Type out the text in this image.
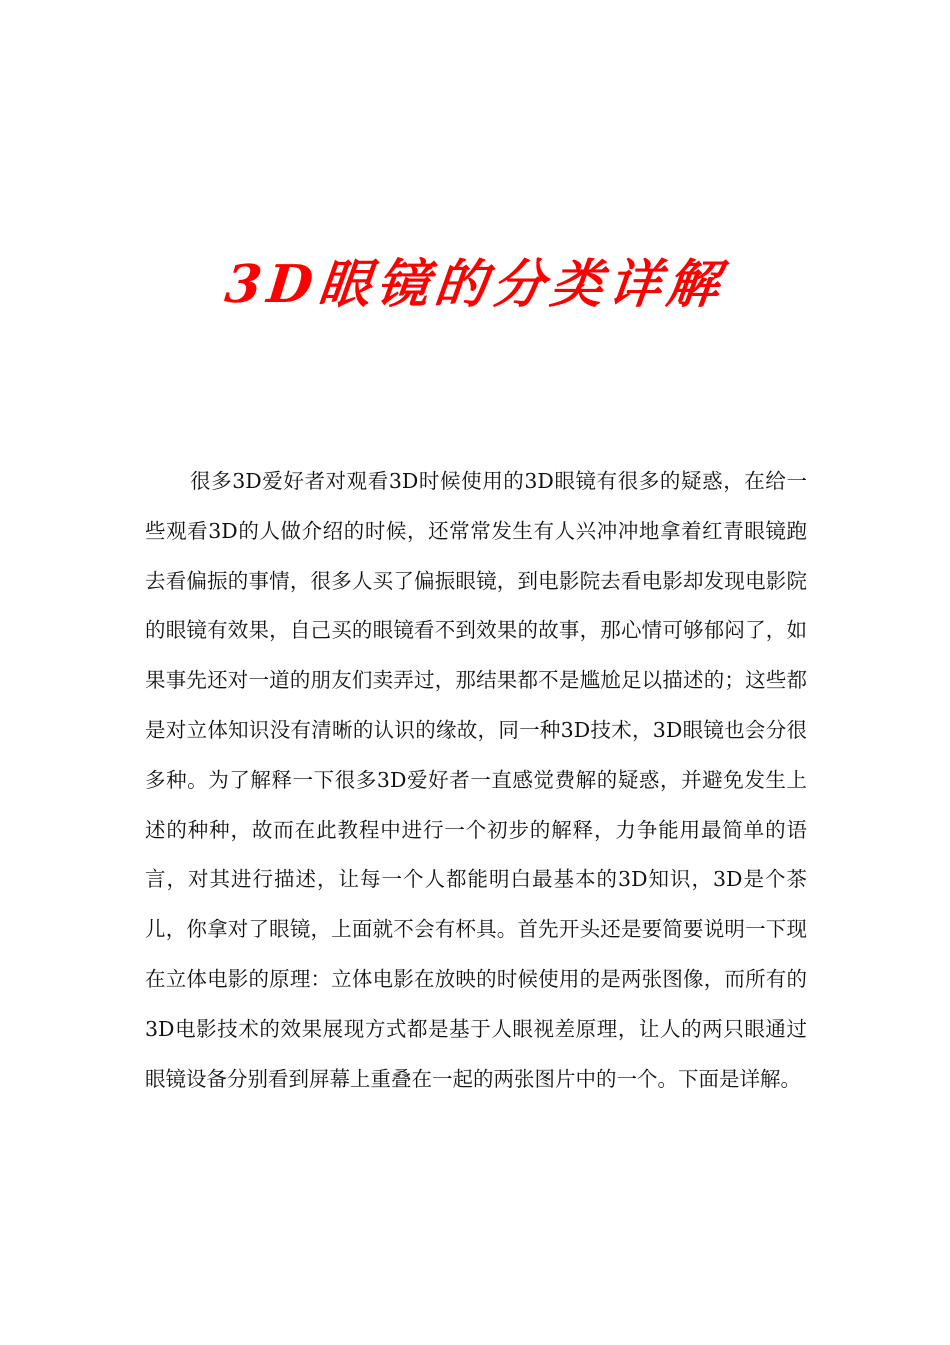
3D眼镜的分类详解

很多3D爱好者对观看3D时候使用的3D眼镜有很多的疑惑，在给一些观看3D的人做介绍的时候，还常常发生有人兴冲冲地拿着红青眼镜跑去看偏振的事情，很多人买了偏振眼镜，到电影院去看电影却发现电影院的眼镜有效果，自己买的眼镜看不到效果的故事，那心情可够郁闷了，如果事先还对一道的朋友们卖弄过，那结果都不是尴尬足以描述的；这些都是对立体知识没有清晰的认识的缘故，同一种3D技术，3D眼镜也会分很多种。为了解释一下很多3D爱好者一直感觉费解的疑惑，并避免发生上述的种种，故而在此教程中进行一个初步的解释，力争能用最简单的语言，对其进行描述，让每一个人都能明白最基本的3D知识，3D是个茶儿，你拿对了眼镜，上面就不会有杯具。首先开头还是要简要说明一下现在立体电影的原理：立体电影在放映的时候使用的是两张图像，而所有的3D电影技术的效果展现方式都是基于人眼视差原理，让人的两只眼通过眼镜设备分别看到屏幕上重叠在一起的两张图片中的一个。下面是详解。
